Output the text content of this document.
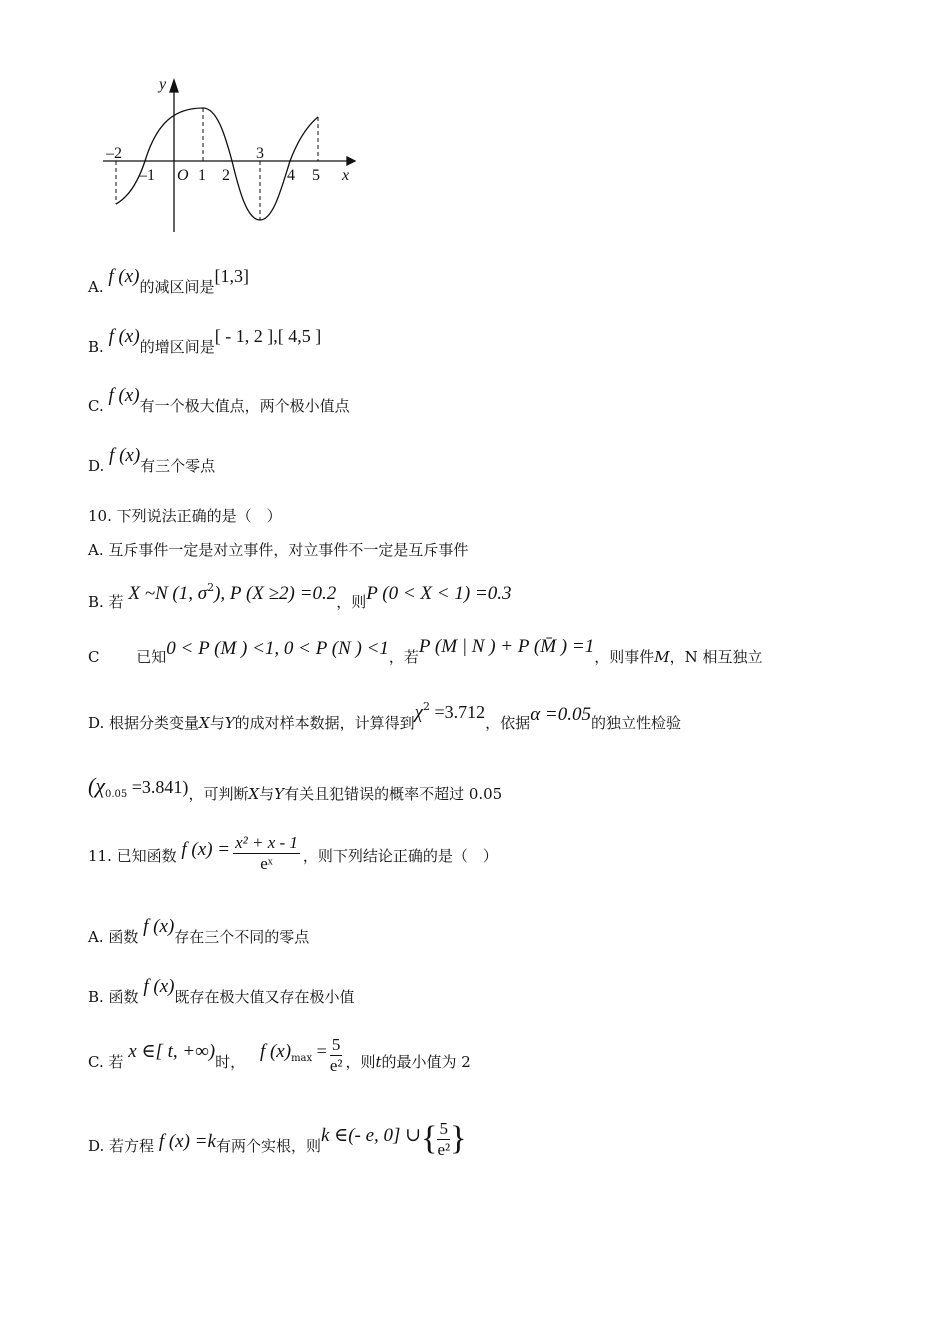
y
x
O
–2
–1	1 2
3
4 5
A. f (x)的减区间是[1,3]
B. f (x)的增区间是[ - 1, 2 ],[ 4,5 ]
C. f (x)有一个极大值点，两个极小值点
D. f (x)有三个零点
10. 下列说法正确的是（　）
A. 互斥事件一定是对立事件，对立事件不一定是互斥事件
B. 若 X ~N (1, $\sigma^2$), P (X ≥2) =0.2，则P (0 < X < 1) =0.3
C 已知0 < P (M ) <1, 0 < P (N ) <1，若P (M | N ) + P (M̄ ) =1，则事件M，N 相互独立
D. 根据分类变量X与Y的成对样本数据，计算得到$\chi^2 =3.712$，依据α =0.05的独立性检验
$(\chi_{0.05} =3.841)$，可判断X与Y有关且犯错误的概率不超过 0.05
11. 已知函数 f $(x) = \frac{\text{x² + x - 1}}{\text{eˣ}}$ ，则下列结论正确的是（　）
A. 函数 f (x)存在三个不同的零点
B. 函数 f (x)既存在极大值又存在极小值
C. 若 x ∈[ t, +∞)时， f $(x)_{max} = \frac{5}{\text{e²}}$ ，则t的最小值为 2
D. 若方程 f (x) =k有两个实根，则k ∈(- e, 0] ∪{ $\frac{5}{\text{e²}}$ }
